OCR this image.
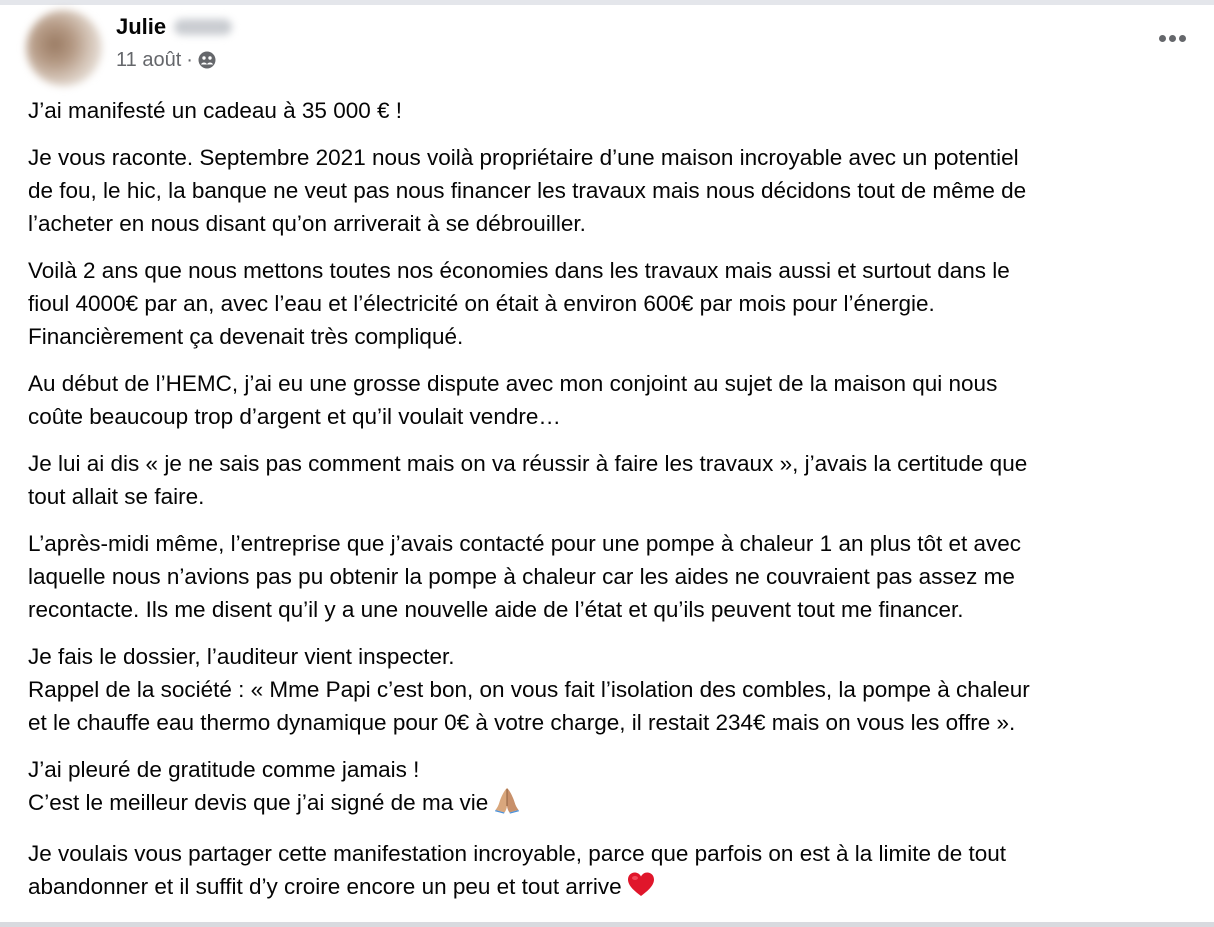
Julie
11 août ·

J’ai manifesté un cadeau à 35 000 € !

Je vous raconte. Septembre 2021 nous voilà propriétaire d’une maison incroyable avec un potentiel
de fou, le hic, la banque ne veut pas nous financer les travaux mais nous décidons tout de même de
l’acheter en nous disant qu’on arriverait à se débrouiller.

Voilà 2 ans que nous mettons toutes nos économies dans les travaux mais aussi et surtout dans le
fioul 4000€ par an, avec l’eau et l’électricité on était à environ 600€ par mois pour l’énergie.
Financièrement ça devenait très compliqué.

Au début de l’HEMC, j’ai eu une grosse dispute avec mon conjoint au sujet de la maison qui nous
coûte beaucoup trop d’argent et qu’il voulait vendre…

Je lui ai dis « je ne sais pas comment mais on va réussir à faire les travaux », j’avais la certitude que
tout allait se faire.

L’après-midi même, l’entreprise que j’avais contacté pour une pompe à chaleur 1 an plus tôt et avec
laquelle nous n’avions pas pu obtenir la pompe à chaleur car les aides ne couvraient pas assez me
recontacte. Ils me disent qu’il y a une nouvelle aide de l’état et qu’ils peuvent tout me financer.

Je fais le dossier, l’auditeur vient inspecter.
Rappel de la société : « Mme Papi c’est bon, on vous fait l’isolation des combles, la pompe à chaleur
et le chauffe eau thermo dynamique pour 0€ à votre charge, il restait 234€ mais on vous les offre ».

J’ai pleuré de gratitude comme jamais !
C’est le meilleur devis que j’ai signé de ma vie

Je voulais vous partager cette manifestation incroyable, parce que parfois on est à la limite de tout
abandonner et il suffit d’y croire encore un peu et tout arrive
